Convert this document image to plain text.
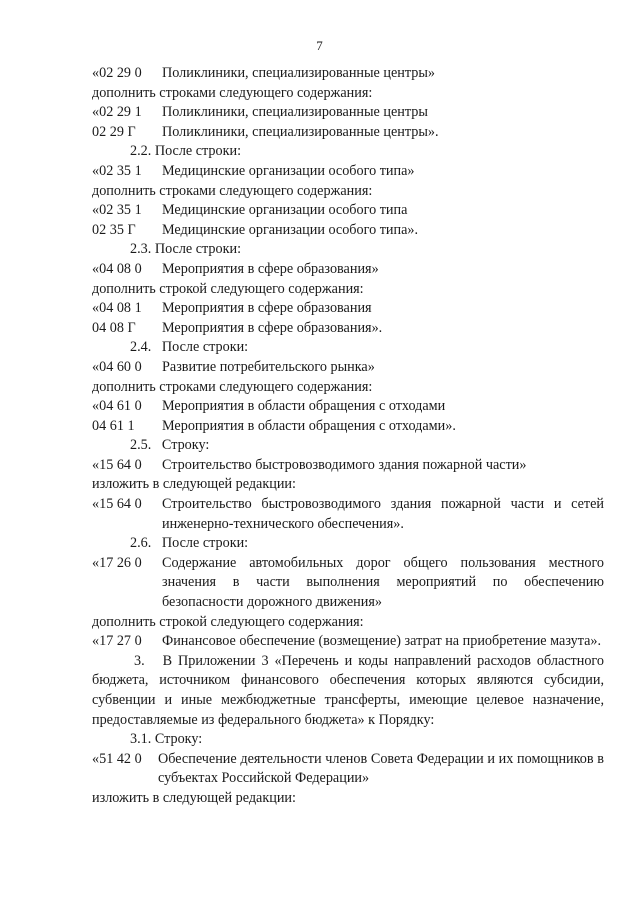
7
«02 29 0	Поликлиники, специализированные центры»
дополнить строками следующего содержания:
«02 29 1	Поликлиники, специализированные центры
02 29 Г	Поликлиники, специализированные центры».
2.2. После строки:
«02 35 1	Медицинские организации особого типа»
дополнить строками следующего содержания:
«02 35 1	Медицинские организации особого типа
02 35 Г	Медицинские организации особого типа».
2.3. После строки:
«04 08 0	Мероприятия в сфере образования»
дополнить строкой следующего содержания:
«04 08 1	Мероприятия в сфере образования
04 08 Г	Мероприятия в сфере образования».
2.4.   После строки:
«04 60 0	Развитие потребительского рынка»
дополнить строками следующего содержания:
«04 61 0	Мероприятия в области обращения с отходами
04 61 1	Мероприятия в области обращения с отходами».
2.5.   Строку:
«15 64 0	Строительство быстровозводимого здания пожарной части»
изложить в следующей редакции:
«15 64 0	Строительство быстровозводимого здания пожарной части и сетей инженерно-технического обеспечения».
2.6.   После строки:
«17 26 0	Содержание автомобильных дорог общего пользования местного значения в части выполнения мероприятий по обеспечению безопасности дорожного движения»
дополнить строкой следующего содержания:
«17 27 0	Финансовое обеспечение (возмещение) затрат на приобретение мазута».
3.   В Приложении 3 «Перечень и коды направлений расходов областного бюджета, источником финансового обеспечения которых являются субсидии, субвенции и иные межбюджетные трансферты, имеющие целевое назначение, предоставляемые из федерального бюджета» к Порядку:
3.1. Строку:
«51 42 0	Обеспечение деятельности членов Совета Федерации и их помощников в субъектах Российской Федерации»
изложить в следующей редакции:
